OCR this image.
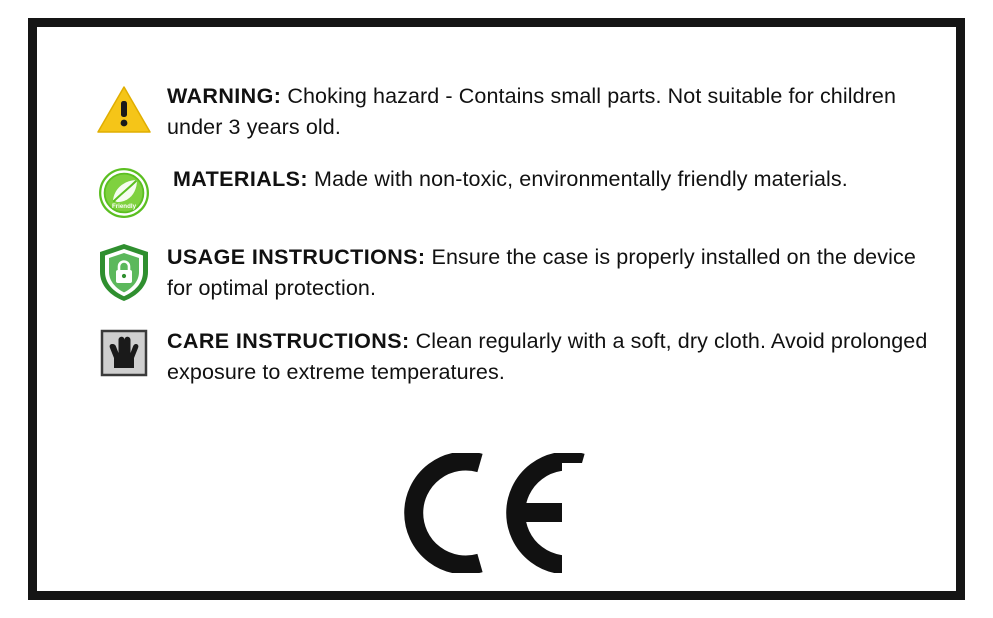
WARNING: Choking hazard - Contains small parts. Not suitable for children under 3 years old.
Friendly
MATERIALS: Made with non-toxic, environmentally friendly materials.
USAGE INSTRUCTIONS: Ensure the case is properly installed on the device for optimal protection.
CARE INSTRUCTIONS: Clean regularly with a soft, dry cloth. Avoid prolonged exposure to extreme temperatures.
